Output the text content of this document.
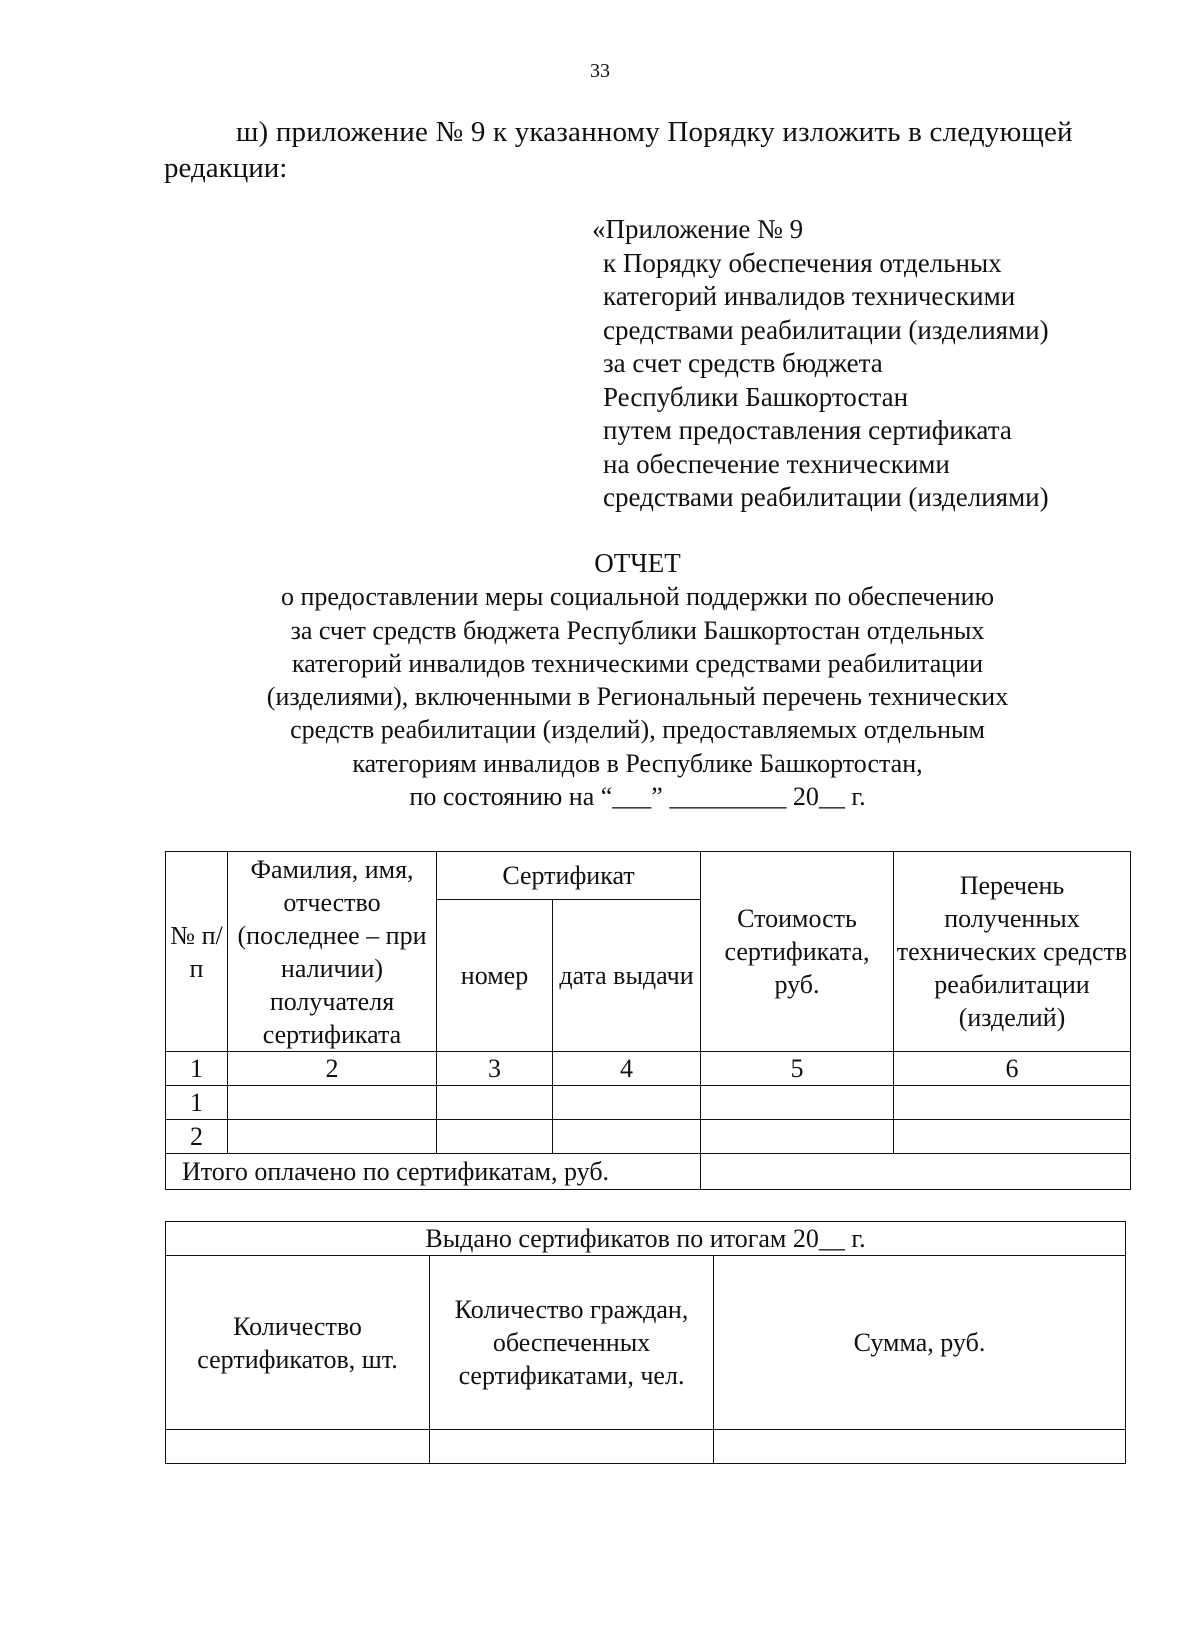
33
ш) приложение № 9 к указанному Порядку изложить в следующей
редакции:
«Приложение № 9
к Порядку обеспечения отдельных
категорий инвалидов техническими
средствами реабилитации (изделиями)
за счет средств бюджета
Республики Башкортостан
путем предоставления сертификата
на обеспечение техническими
средствами реабилитации (изделиями)
ОТЧЕТ
о предоставлении меры социальной поддержки по обеспечению
за счет средств бюджета Республики Башкортостан отдельных
категорий инвалидов техническими средствами реабилитации
(изделиями), включенными в Региональный перечень технических
средств реабилитации (изделий), предоставляемых отдельным
категориям инвалидов в Республике Башкортостан,
по состоянию на “___” _________ 20__ г.
№ п/п	Фамилия, имя, отчество (последнее – при наличии) получателя сертификата	Сертификат		Стоимость сертификата, руб.	Перечень полученных технических средств реабилитации (изделий)
		номер	дата выдачи		
1	2	3	4	5	6
1					
2					
Итого оплачено по сертификатам, руб.					
Выдано сертификатов по итогам 20__ г.		
Количество сертификатов, шт.	Количество граждан, обеспеченных сертификатами, чел.	Сумма, руб.
